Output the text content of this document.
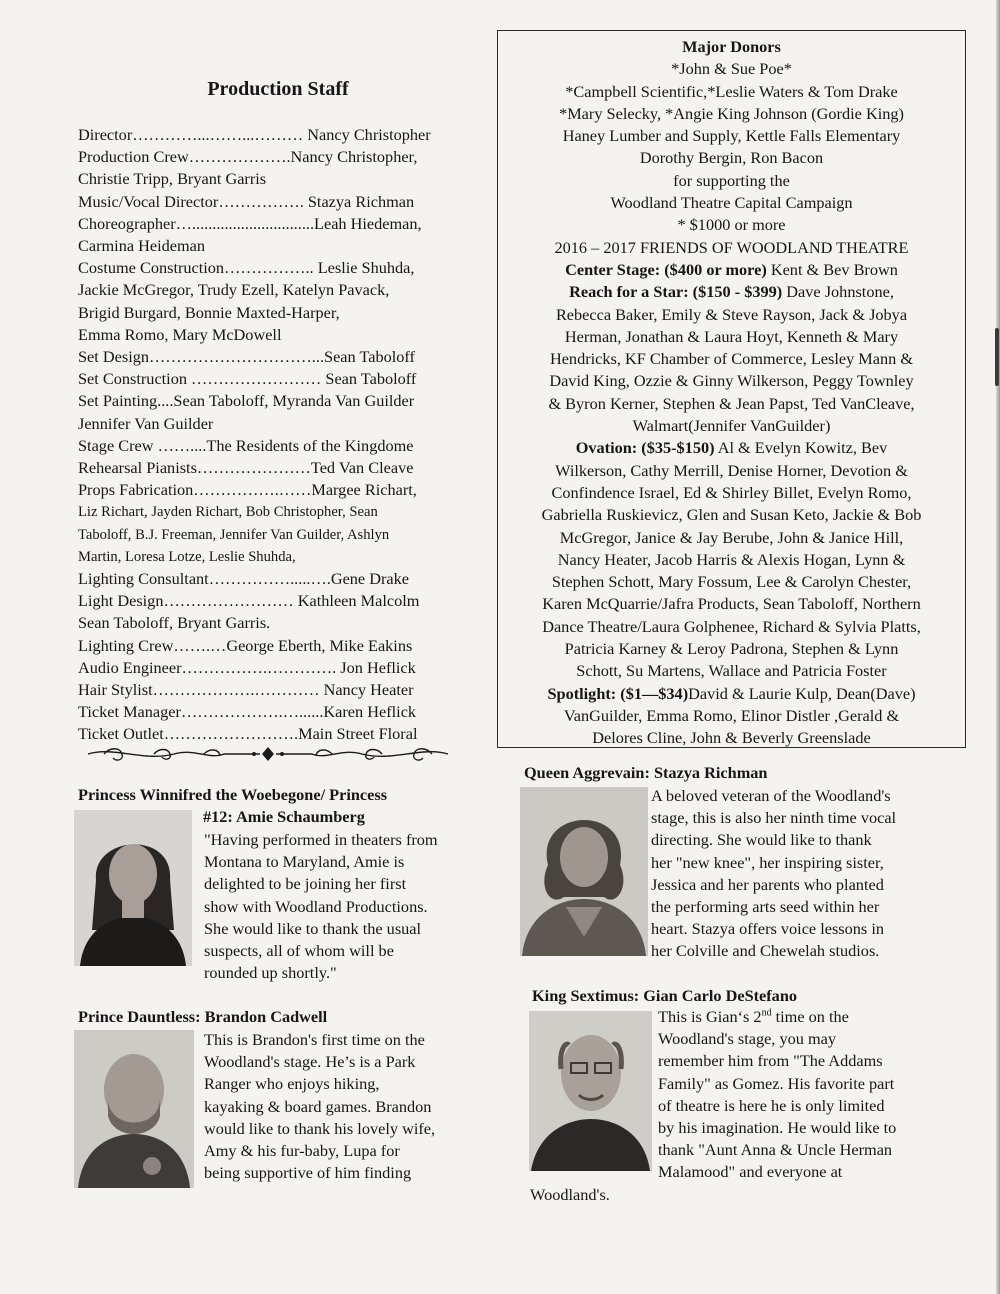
Production Staff
Director…………...……...……… Nancy Christopher
Production Crew……………….Nancy Christopher,
Christie Tripp, Bryant Garris
Music/Vocal Director……………. Stazya Richman
Choreographer…..............................Leah Hiedeman,
Carmina Heideman
Costume Construction…………….. Leslie Shuhda,
Jackie McGregor, Trudy Ezell, Katelyn Pavack,
Brigid Burgard, Bonnie Maxted-Harper,
Emma Romo, Mary McDowell
Set Design…………………………...Sean Taboloff
Set Construction …………………… Sean Taboloff
Set Painting....Sean Taboloff, Myranda Van Guilder
Jennifer Van Guilder
Stage Crew ……....The Residents of the Kingdome
Rehearsal Pianists…………………Ted Van Cleave
Props Fabrication…………….……Margee Richart,
Liz Richart, Jayden Richart, Bob Christopher, Sean
Taboloff, B.J. Freeman, Jennifer Van Guilder, Ashlyn
Martin, Loresa Lotze, Leslie Shuhda,
Lighting Consultant…………….....….Gene Drake
Light Design…………………… Kathleen Malcolm
Sean Taboloff, Bryant Garris.
Lighting Crew…….…George Eberth, Mike Eakins
Audio Engineer…………….…………. Jon Heflick
Hair Stylist……………….………… Nancy Heater
Ticket Manager……………….…......Karen Heflick
Ticket Outlet…………………….Main Street Floral
Major Donors
*John & Sue Poe*
*Campbell Scientific,*Leslie Waters & Tom Drake
*Mary Selecky, *Angie King Johnson (Gordie King)
Haney Lumber and Supply, Kettle Falls Elementary
Dorothy Bergin, Ron Bacon
for supporting the
Woodland Theatre Capital Campaign
* $1000 or more
2016 – 2017 FRIENDS OF WOODLAND THEATRE
Center Stage: ($400 or more) Kent & Bev Brown
Reach for a Star: ($150 - $399) Dave Johnstone,
Rebecca Baker, Emily & Steve Rayson, Jack & Jobya
Herman, Jonathan & Laura Hoyt, Kenneth & Mary
Hendricks, KF Chamber of Commerce, Lesley Mann &
David King, Ozzie & Ginny Wilkerson, Peggy Townley
& Byron Kerner, Stephen & Jean Papst, Ted VanCleave,
Walmart(Jennifer VanGuilder)
Ovation: ($35-$150) Al & Evelyn Kowitz, Bev
Wilkerson, Cathy Merrill, Denise Horner, Devotion &
Confindence Israel, Ed & Shirley Billet, Evelyn Romo,
Gabriella Ruskievicz, Glen and Susan Keto, Jackie & Bob
McGregor, Janice & Jay Berube, John & Janice Hill,
Nancy Heater, Jacob Harris & Alexis Hogan, Lynn &
Stephen Schott, Mary Fossum, Lee & Carolyn Chester,
Karen McQuarrie/Jafra Products, Sean Taboloff, Northern
Dance Theatre/Laura Golphenee, Richard & Sylvia Platts,
Patricia Karney & Leroy Padrona, Stephen & Lynn
Schott, Su Martens, Wallace and Patricia Foster
Spotlight: ($1—$34)David & Laurie Kulp, Dean(Dave)
VanGuilder, Emma Romo, Elinor Distler ,Gerald &
Delores Cline, John & Beverly Greenslade
Princess Winnifred the Woebegone/ Princess
#12: Amie Schaumberg
"Having performed in theaters from
Montana to Maryland, Amie is
delighted to be joining her first
show with Woodland Productions.
She would like to thank the usual
suspects, all of whom will be
rounded up shortly."
Prince Dauntless: Brandon Cadwell
This is Brandon's first time on the
Woodland's stage. He’s is a Park
Ranger who enjoys hiking,
kayaking & board games. Brandon
would like to thank his lovely wife,
Amy & his fur-baby, Lupa for
being supportive of him finding
Queen Aggrevain: Stazya Richman
A beloved veteran of the Woodland's
stage, this is also her ninth time vocal
directing. She would like to thank
her "new knee", her inspiring sister,
Jessica and her parents who planted
the performing arts seed within her
heart. Stazya offers voice lessons in
her Colville and Chewelah studios.
King Sextimus: Gian Carlo DeStefano
This is Gian‘s 2nd time on the
Woodland's stage, you may
remember him from "The Addams
Family" as Gomez. His favorite part
of theatre is here he is only limited
by his imagination. He would like to
thank "Aunt Anna & Uncle Herman
Malamood" and everyone at
Woodland's.
